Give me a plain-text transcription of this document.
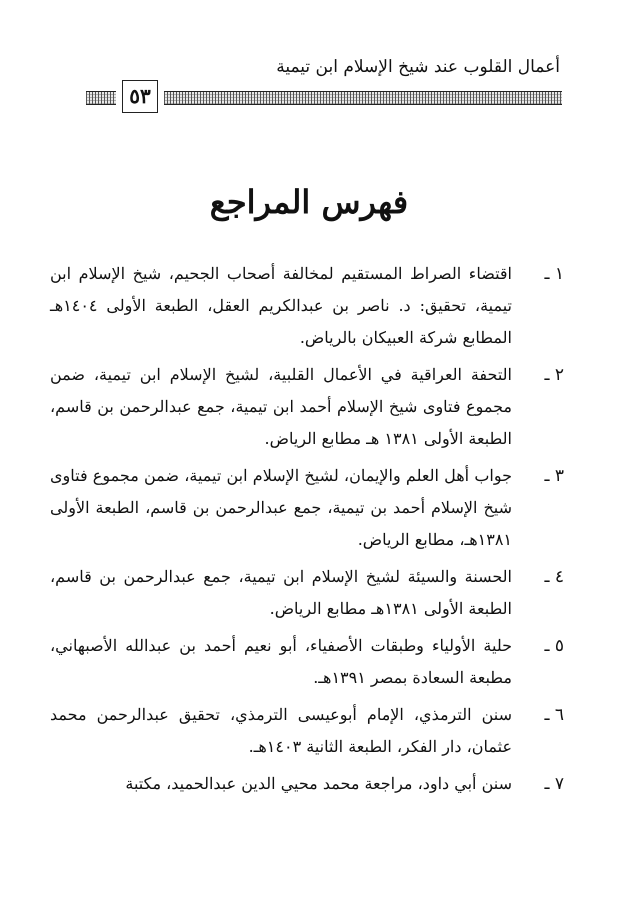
أعمال القلوب عند شيخ الإسلام ابن تيمية
٥٣
فهرس المراجع
١ ـ
اقتضاء الصراط المستقيم لمخالفة أصحاب الجحيم، شيخ الإسلام ابن تيمية، تحقيق: د. ناصر بن عبدالكريم العقل، الطبعة الأولى ١٤٠٤هـ المطابع شركة العبيكان بالرياض.
٢ ـ
التحفة العراقية في الأعمال القلبية، لشيخ الإسلام ابن تيمية، ضمن مجموع فتاوى شيخ الإسلام أحمد ابن تيمية، جمع عبدالرحمن بن قاسم، الطبعة الأولى ١٣٨١ هـ مطابع الرياض.
٣ ـ
جواب أهل العلم والإيمان، لشيخ الإسلام ابن تيمية، ضمن مجموع فتاوى شيخ الإسلام أحمد بن تيمية، جمع عبدالرحمن بن قاسم، الطبعة الأولى ١٣٨١هـ، مطابع الرياض.
٤ ـ
الحسنة والسيئة لشيخ الإسلام ابن تيمية، جمع عبدالرحمن بن قاسم، الطبعة الأولى ١٣٨١هـ مطابع الرياض.
٥ ـ
حلية الأولياء وطبقات الأصفياء، أبو نعيم أحمد بن عبدالله الأصبهاني، مطبعة السعادة بمصر ١٣٩١هـ.
٦ ـ
سنن الترمذي، الإمام أبوعيسى الترمذي، تحقيق عبدالرحمن محمد عثمان، دار الفكر، الطبعة الثانية ١٤٠٣هـ.
٧ ـ
سنن أبي داود، مراجعة محمد محيي الدين عبدالحميد، مكتبة
